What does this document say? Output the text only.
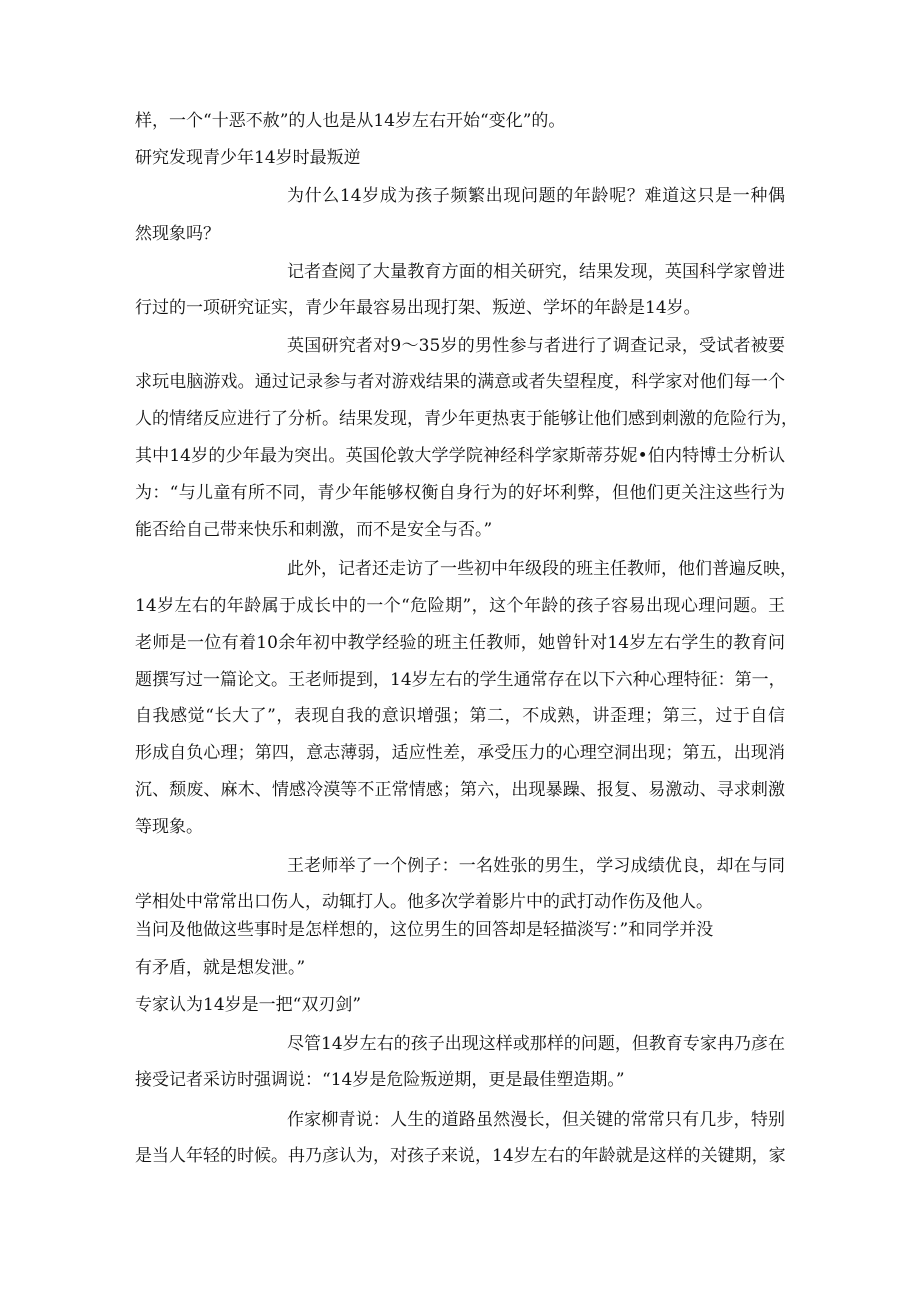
样，一个“十恶不赦”的人也是从14岁左右开始“变化”的。
研究发现青少年14岁时最叛逆
为什么14岁成为孩子频繁出现问题的年龄呢？难道这只是一种偶
然现象吗？
记者查阅了大量教育方面的相关研究，结果发现，英国科学家曾进
行过的一项研究证实，青少年最容易出现打架、叛逆、学坏的年龄是14岁。
英国研究者对9～35岁的男性参与者进行了调查记录，受试者被要
求玩电脑游戏。通过记录参与者对游戏结果的满意或者失望程度，科学家对他们每一个
人的情绪反应进行了分析。结果发现，青少年更热衷于能够让他们感到刺激的危险行为，
其中14岁的少年最为突出。英国伦敦大学学院神经科学家斯蒂芬妮•伯内特博士分析认
为：“与儿童有所不同，青少年能够权衡自身行为的好坏利弊，但他们更关注这些行为
能否给自己带来快乐和刺激，而不是安全与否。”
此外，记者还走访了一些初中年级段的班主任教师，他们普遍反映，
14岁左右的年龄属于成长中的一个“危险期”，这个年龄的孩子容易出现心理问题。王
老师是一位有着10余年初中教学经验的班主任教师，她曾针对14岁左右学生的教育问
题撰写过一篇论文。王老师提到，14岁左右的学生通常存在以下六种心理特征：第一，
自我感觉“长大了”，表现自我的意识增强；第二，不成熟，讲歪理；第三，过于自信
形成自负心理；第四，意志薄弱，适应性差，承受压力的心理空洞出现；第五，出现消
沉、颓废、麻木、情感冷漠等不正常情感；第六，出现暴躁、报复、易激动、寻求刺激
等现象。
王老师举了一个例子：一名姓张的男生，学习成绩优良，却在与同
学相处中常常出口伤人，动辄打人。他多次学着影片中的武打动作伤及他人。
当问及他做这些事时是怎样想的，这位男生的回答却是轻描淡写：”和同学并没
有矛盾，就是想发泄。”
专家认为14岁是一把“双刃剑”
尽管14岁左右的孩子出现这样或那样的问题，但教育专家冉乃彦在
接受记者采访时强调说：“14岁是危险叛逆期，更是最佳塑造期。”
作家柳青说：人生的道路虽然漫长，但关键的常常只有几步，特别
是当人年轻的时候。冉乃彦认为，对孩子来说，14岁左右的年龄就是这样的关键期，家
